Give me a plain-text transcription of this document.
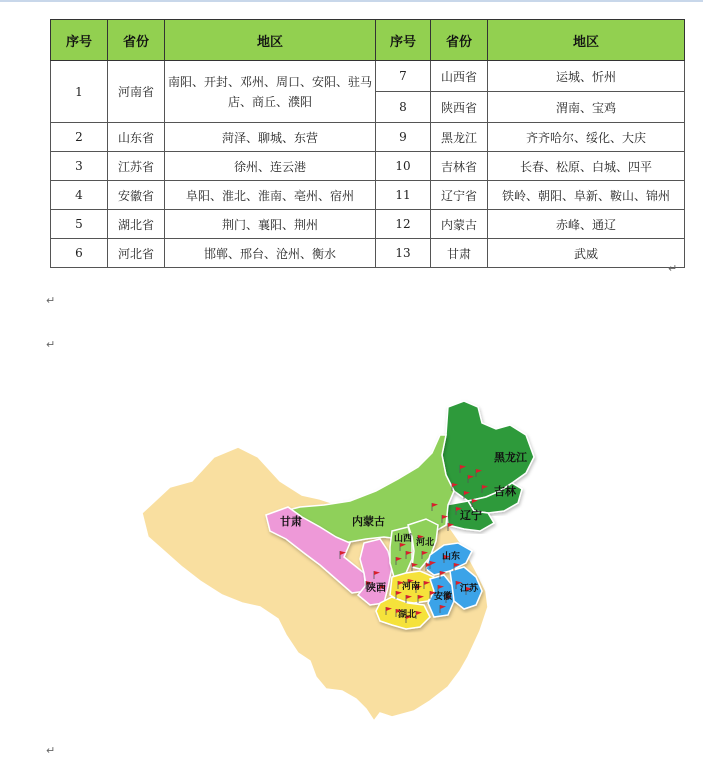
序号	省份	地区	序号	省份	地区
1	河南省	南阳、开封、邓州、周口、安阳、驻马店、商丘、濮阳	7	山西省	运城、忻州
			8	陕西省	渭南、宝鸡
2	山东省	菏泽、聊城、东营	9	黑龙江	齐齐哈尔、绥化、大庆
3	江苏省	徐州、连云港	10	吉林省	长春、松原、白城、四平
4	安徽省	阜阳、淮北、淮南、亳州、宿州	11	辽宁省	铁岭、朝阳、阜新、鞍山、锦州
5	湖北省	荆门、襄阳、荆州	12	内蒙古	赤峰、通辽
6	河北省	邯郸、邢台、沧州、衡水	13	甘肃	武威
↵
↵
↵
↵
黑龙江
吉林
辽宁
内蒙古
甘肃
山西 河北
山东
河南
陕西	江苏
安徽
湖北
